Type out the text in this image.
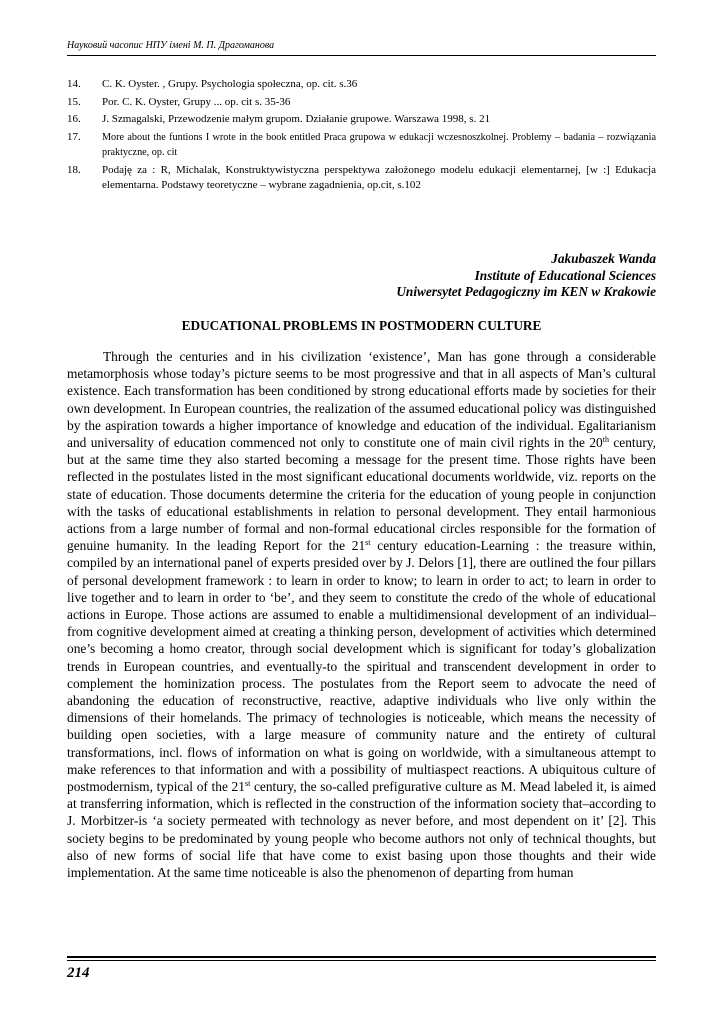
Науковий часопис НПУ імені М. П. Драгоманова
14.	C. K. Oyster. , Grupy. Psychologia społeczna, op. cit. s.36
15.	Por. C. K. Oyster, Grupy ... op. cit s. 35-36
16.	J. Szmagalski, Przewodzenie małym grupom. Działanie grupowe. Warszawa 1998, s. 21
17.	More about the funtions I wrote in the book entitled Praca grupowa w edukacji wczesnoszkolnej. Problemy – badania – rozwiązania praktyczne, op. cit
18.	Podaję za : R, Michalak, Konstruktywistyczna perspektywa założonego modelu edukacji elementarnej, [w :] Edukacja elementarna. Podstawy teoretyczne – wybrane zagadnienia, op.cit, s.102
Jakubaszek Wanda
Institute of Educational Sciences
Uniwersytet Pedagogiczny im KEN w Krakowie
EDUCATIONAL PROBLEMS IN POSTMODERN CULTURE

Through the centuries and in his civilization ‘existence’, Man has gone through a considerable metamorphosis whose today’s picture seems to be most progressive and that in all aspects of Man’s cultural existence. Each transformation has been conditioned by strong educational efforts made by societies for their own development. In European countries, the realization of the assumed educational policy was distinguished by the aspiration towards a higher importance of knowledge and education of the individual. Egalitarianism and universality of education commenced not only to constitute one of main civil rights in the 20th century, but at the same time they also started becoming a message for the present time. Those rights have been reflected in the postulates listed in the most significant educational documents worldwide, viz. reports on the state of education. Those documents determine the criteria for the education of young people in conjunction with the tasks of educational establishments in relation to personal development. They entail harmonious actions from a large number of formal and non-formal educational circles responsible for the formation of genuine humanity. In the leading Report for the 21st century education-Learning : the treasure within, compiled by an international panel of experts presided over by J. Delors [1], there are outlined the four pillars of personal development framework : to learn in order to know; to learn in order to act; to learn in order to live together and to learn in order to ‘be’, and they seem to constitute the credo of the whole of educational actions in Europe. Those actions are assumed to enable a multidimensional development of an individual–from cognitive development aimed at creating a thinking person, development of activities which determined one’s becoming a homo creator, through social development which is significant for today’s globalization trends in European countries, and eventually-to the spiritual and transcendent development in order to complement the hominization process. The postulates from the Report seem to advocate the need of abandoning the education of reconstructive, reactive, adaptive individuals who live only within the dimensions of their homelands. The primacy of technologies is noticeable, which means the necessity of building open societies, with a large measure of community nature and the entirety of cultural transformations, incl. flows of information on what is going on worldwide, with a simultaneous attempt to make references to that information and with a possibility of multiaspect reactions. A ubiquitous culture of postmodernism, typical of the 21st century, the so-called prefigurative culture as M. Mead labeled it, is aimed at transferring information, which is reflected in the construction of the information society that–according to J. Morbitzer-is ‘a society permeated with technology as never before, and most dependent on it’ [2]. This society begins to be predominated by young people who become authors not only of technical thoughts, but also of new forms of social life that have come to exist basing upon those thoughts and their wide implementation. At the same time noticeable is also the phenomenon of departing from human

214
